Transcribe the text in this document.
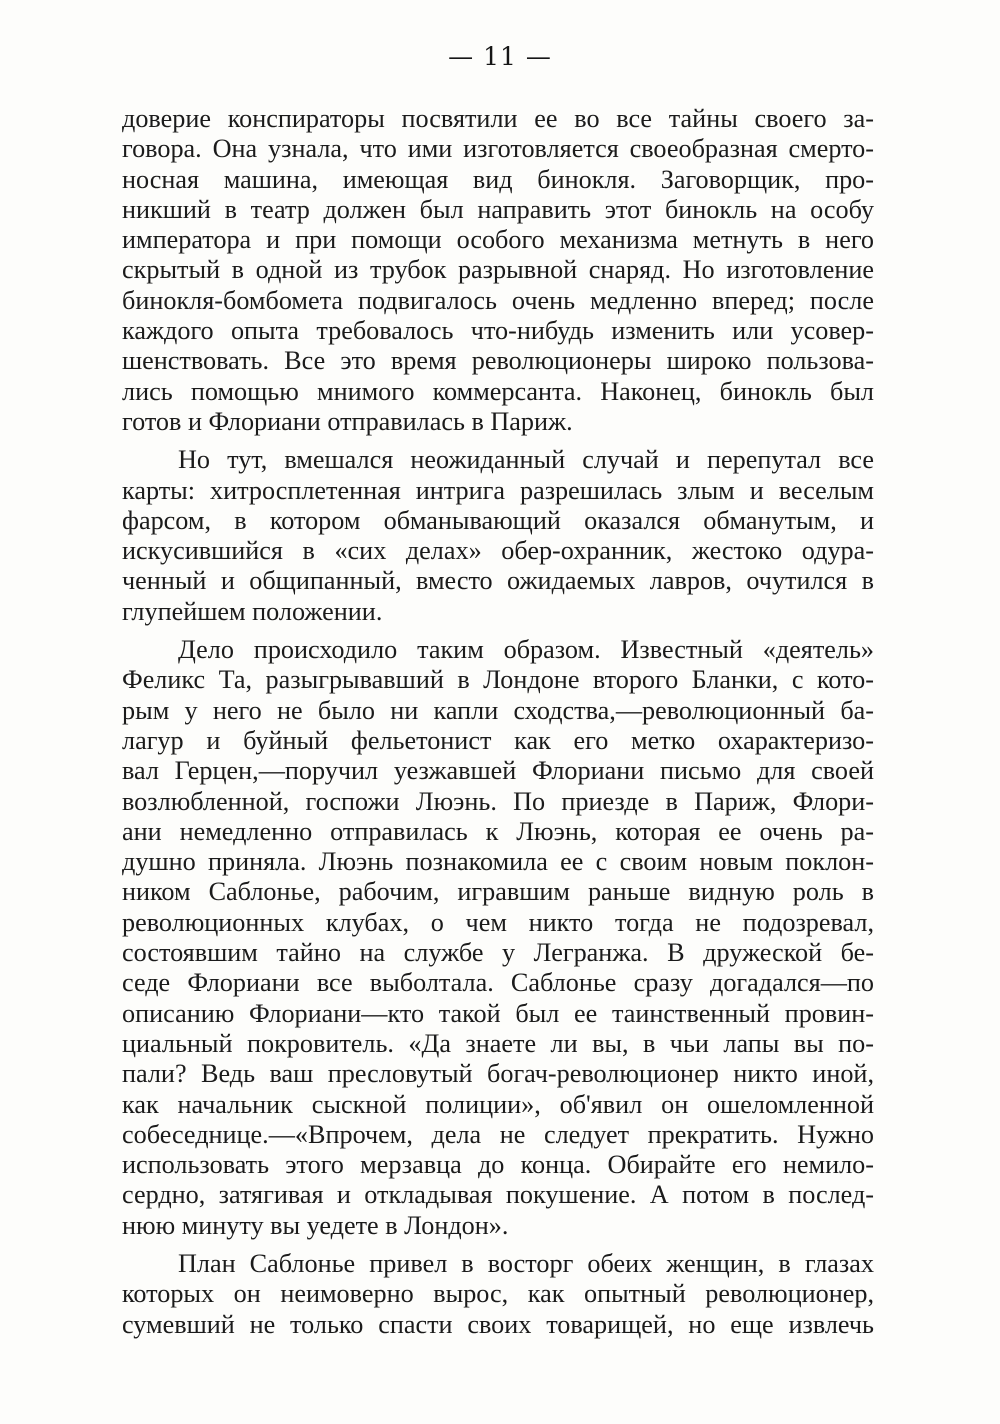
— 11 —
доверие конспираторы посвятили ее во все тайны своего за-
говора. Она узнала, что ими изготовляется своеобразная смерто-
носная машина, имеющая вид бинокля. Заговорщик, про-
никший в театр должен был направить этот бинокль на особу
императора и при помощи особого механизма метнуть в него
скрытый в одной из трубок разрывной снаряд. Но изготовление
бинокля-бомбомета подвигалось очень медленно вперед; после
каждого опыта требовалось что-нибудь изменить или усовер-
шенствовать. Все это время революционеры широко пользова-
лись помощью мнимого коммерсанта. Наконец, бинокль был
готов и Флориани отправилась в Париж.
Но тут, вмешался неожиданный случай и перепутал все
карты: хитросплетенная интрига разрешилась злым и веселым
фарсом, в котором обманывающий оказался обманутым, и
искусившийся в «сих делах» обер-охранник, жестоко одура-
ченный и общипанный, вместо ожидаемых лавров, очутился в
глупейшем положении.
Дело происходило таким образом. Известный «деятель»
Феликс Та, разыгрывавший в Лондоне второго Бланки, с кото-
рым у него не было ни капли сходства,—революционный ба-
лагур и буйный фельетонист как его метко охарактеризо-
вал Герцен,—поручил уезжавшей Флориани письмо для своей
возлюбленной, госпожи Люэнь. По приезде в Париж, Флори-
ани немедленно отправилась к Люэнь, которая ее очень ра-
душно приняла. Люэнь познакомила ее с своим новым поклон-
ником Саблонье, рабочим, игравшим раньше видную роль в
революционных клубах, о чем никто тогда не подозревал,
состоявшим тайно на службе у Легранжа. В дружеской бе-
седе Флориани все выболтала. Саблонье сразу догадался—по
описанию Флориани—кто такой был ее таинственный провин-
циальный покровитель. «Да знаете ли вы, в чьи лапы вы по-
пали? Ведь ваш пресловутый богач-революционер никто иной,
как начальник сыскной полиции», об'явил он ошеломленной
собеседнице.—«Впрочем, дела не следует прекратить. Нужно
использовать этого мерзавца до конца. Обирайте его немило-
сердно, затягивая и откладывая покушение. А потом в послед-
нюю минуту вы уедете в Лондон».
План Саблонье привел в восторг обеих женщин, в глазах
которых он неимоверно вырос, как опытный революционер,
сумевший не только спасти своих товарищей, но еще извлечь
